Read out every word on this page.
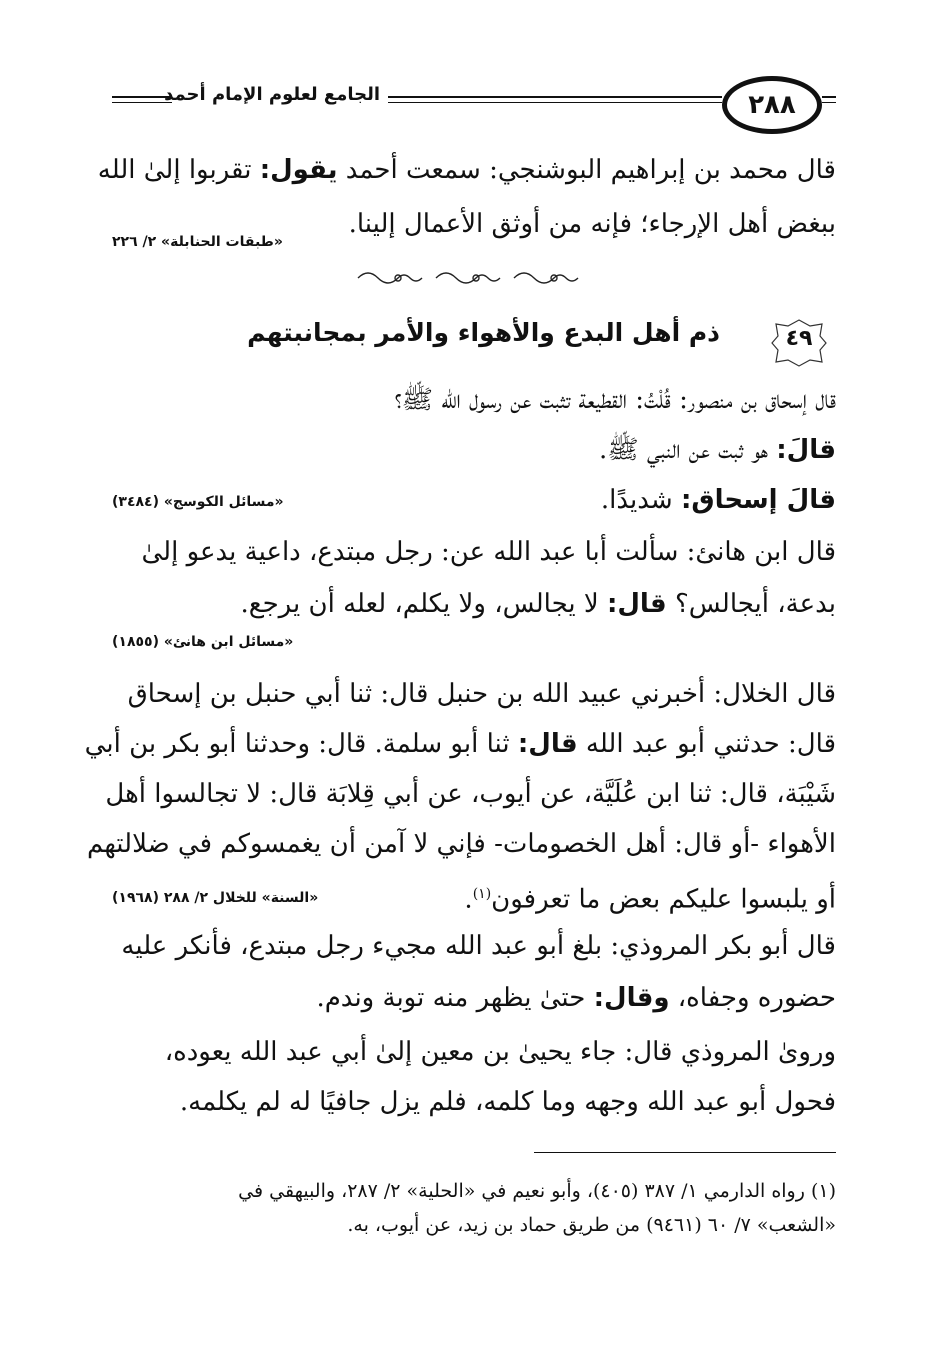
الجامع لعلوم الإمام أحمد	٢٨٨
قال محمد بن إبراهيم البوشنجي: سمعت أحمد يقول: تقربوا إلىٰ الله
ببغض أهل الإرجاء؛ فإنه من أوثق الأعمال إلينا.
«طبقات الحنابلة» ٢/ ٢٢٦
٤٩
ذم أهل البدع والأهواء والأمر بمجانبتهم
قال إسحاق بن منصور: قُلْتُ: القطيعة تثبت عن رسول الله ﷺ؟
قالَ: هو ثبت عن النبي ﷺ.
قالَ إسحاق: شديدًا.
«مسائل الكوسج» (٣٤٨٤)
قال ابن هانئ: سألت أبا عبد الله عن: رجل مبتدع، داعية يدعو إلىٰ
بدعة، أيجالس؟ قال: لا يجالس، ولا يكلم، لعله أن يرجع.
«مسائل ابن هانئ» (١٨٥٥)
قال الخلال: أخبرني عبيد الله بن حنبل قال: ثنا أبي حنبل بن إسحاق
قال: حدثني أبو عبد الله قال: ثنا أبو سلمة. قال: وحدثنا أبو بكر بن أبي
شَيْبَة، قال: ثنا ابن عُلَيَّة، عن أيوب، عن أبي قِلابَة قال: لا تجالسوا أهل
الأهواء -أو قال: أهل الخصومات- فإني لا آمن أن يغمسوكم في ضلالتهم
أو يلبسوا عليكم بعض ما تعرفون$^{(١)}$.
«السنة» للخلال ٢/ ٢٨٨ (١٩٦٨)
قال أبو بكر المروذي: بلغ أبو عبد الله مجيء رجل مبتدع، فأنكر عليه
حضوره وجفاه، وقال: حتىٰ يظهر منه توبة وندم.
وروىٰ المروذي قال: جاء يحيىٰ بن معين إلىٰ أبي عبد الله يعوده،
فحول أبو عبد الله وجهه وما كلمه، فلم يزل جافيًا له لم يكلمه.
(١) رواه الدارمي ١/ ٣٨٧ (٤٠٥)، وأبو نعيم في «الحلية» ٢/ ٢٨٧، والبيهقي في
«الشعب» ٧/ ٦٠ (٩٤٦١) من طريق حماد بن زيد، عن أيوب، به.
